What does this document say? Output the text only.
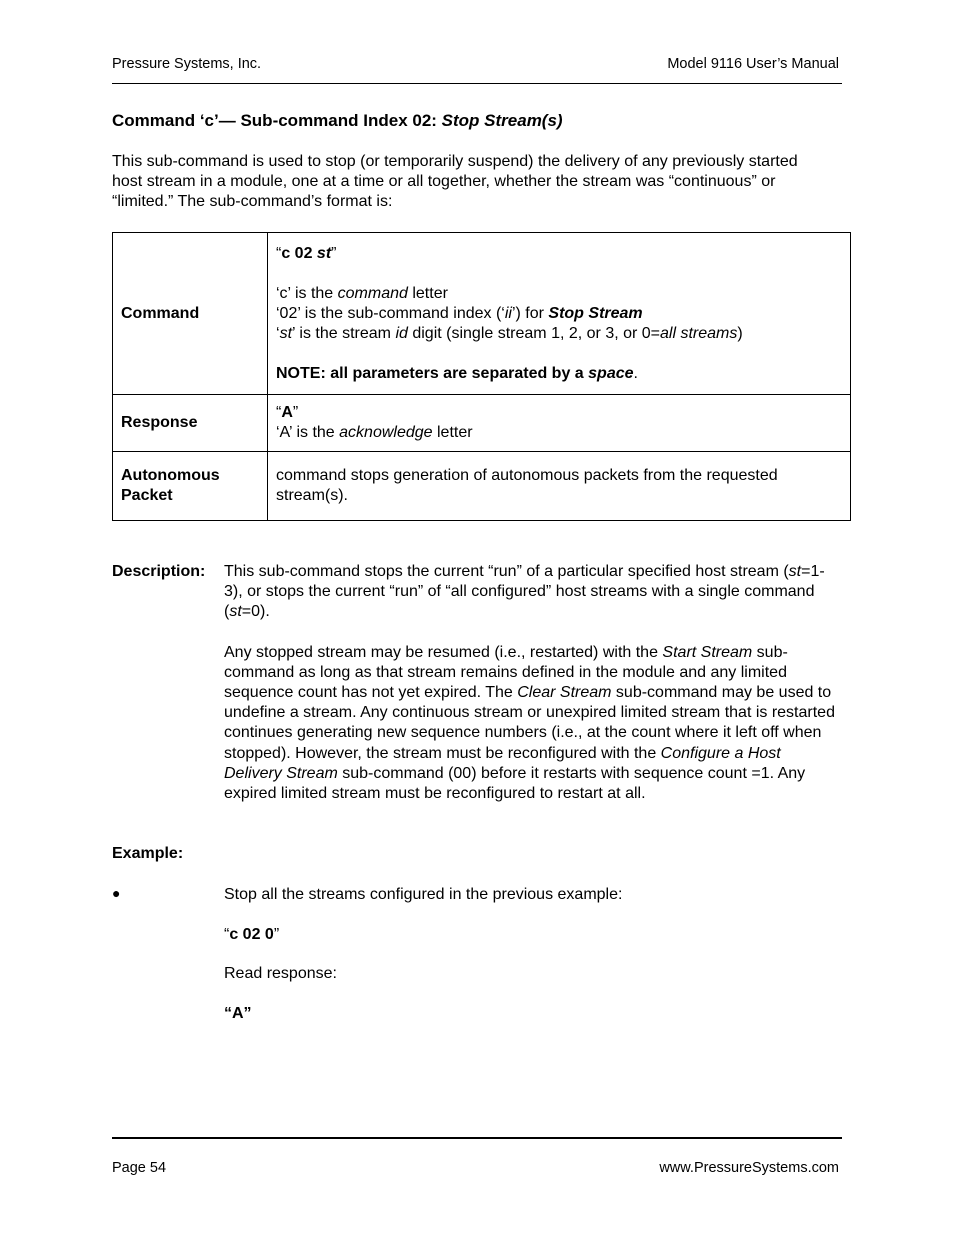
Pressure Systems, Inc.	Model 9116 User’s Manual
Command ‘c’— Sub-command Index 02: Stop Stream(s)
This sub-command is used to stop (or temporarily suspend) the delivery of any previously started host stream in a module, one at a time or all together, whether the stream was “continuous” or “limited.” The sub-command’s format is:
Command	“c 02 st”

‘c’ is the command letter

‘02’ is the sub-command index (‘ii’) for Stop Stream

‘st’ is the stream id digit (single stream 1, 2, or 3, or 0=all streams)

NOTE: all parameters are separated by a space.

Response	“A”

‘A’ is the acknowledge letter

Autonomous
Packet	command stops generation of autonomous packets from the requested stream(s).
Description: This sub-command stops the current “run” of a particular specified host stream (st=1-3), or stops the current “run” of “all configured” host streams with a single command (st=0).

Any stopped stream may be resumed (i.e., restarted) with the Start Stream sub-command as long as that stream remains defined in the module and any limited sequence count has not yet expired. The Clear Stream sub-command may be used to undefine a stream. Any continuous stream or unexpired limited stream that is restarted continues generating new sequence numbers (i.e., at the count where it left off when stopped). However, the stream must be reconfigured with the Configure a Host Delivery Stream sub-command (00) before it restarts with sequence count =1. Any expired limited stream must be reconfigured to restart at all.

Example:
●	Stop all the streams configured in the previous example:

“c 02 0”

Read response:

“A”

Page 54	www.PressureSystems.com
